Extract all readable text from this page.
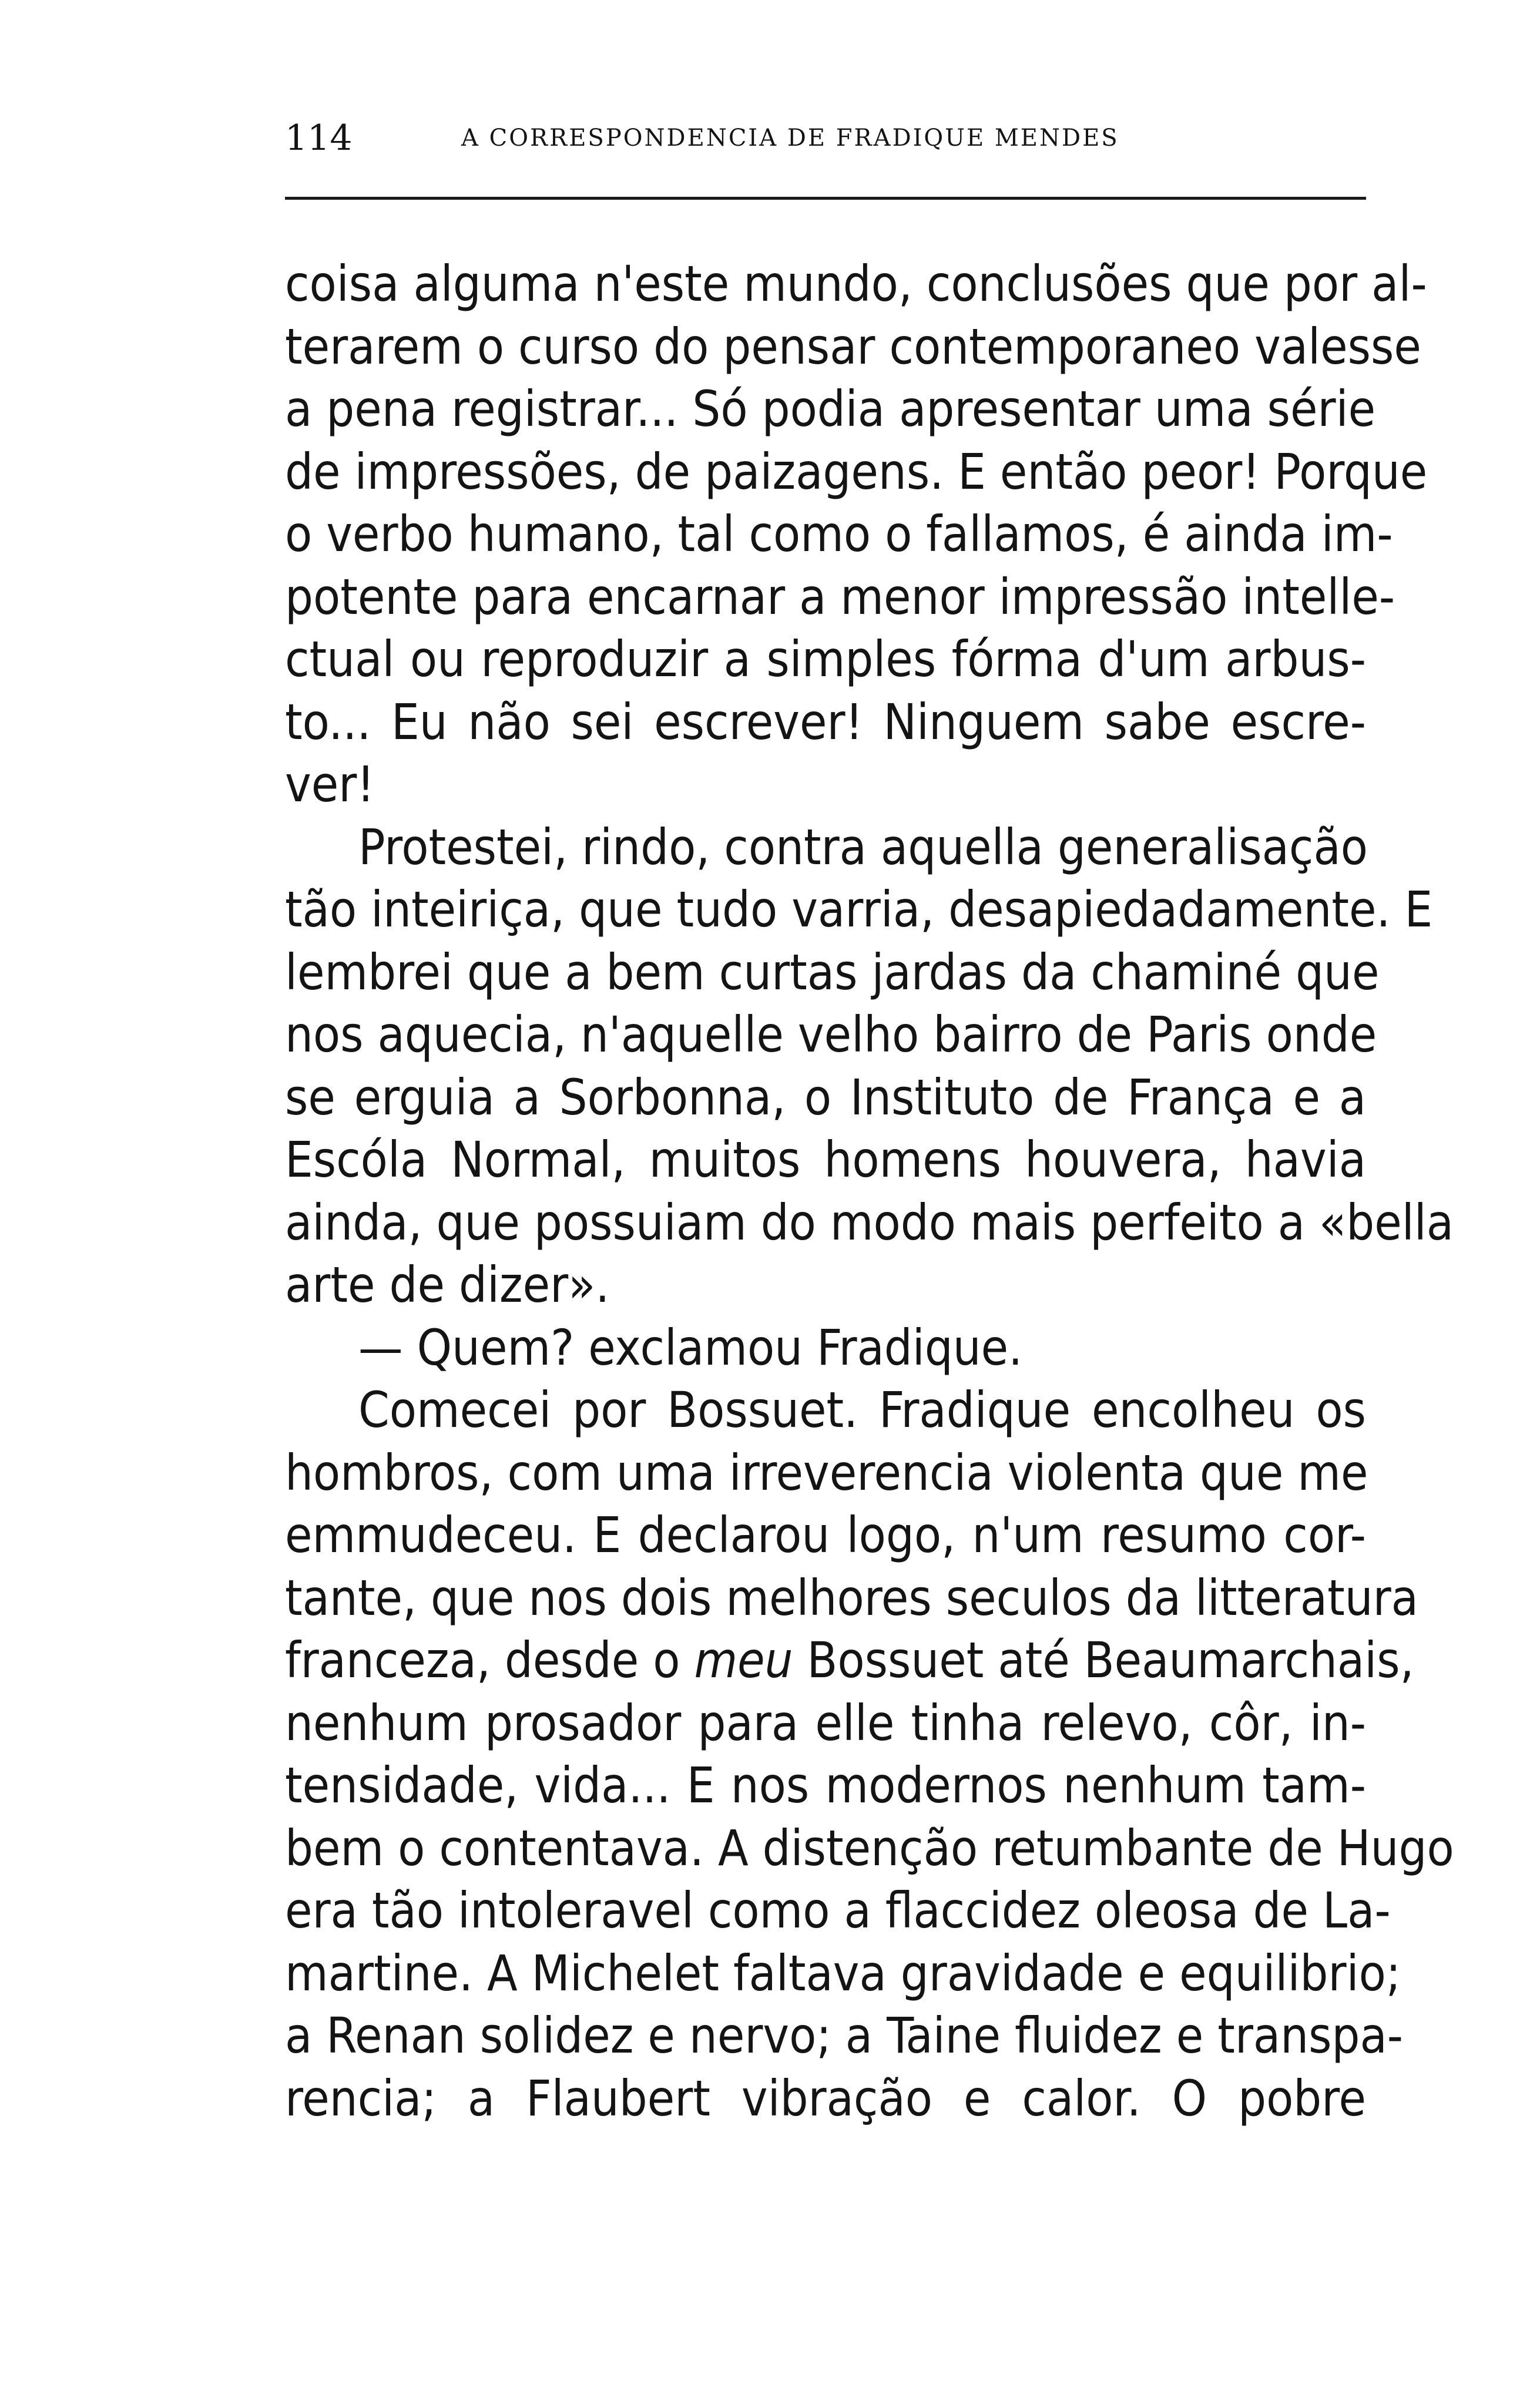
114	A CORRESPONDENCIA DE FRADIQUE MENDES
coisa alguma n'este mundo, conclusões que por al-
terarem o curso do pensar contemporaneo valesse
a pena registrar... Só podia apresentar uma série
de impressões, de paizagens. E então peor! Porque
o verbo humano, tal como o fallamos, é ainda im-
potente para encarnar a menor impressão intelle-
ctual ou reproduzir a simples fórma d'um arbus-
to... Eu não sei escrever! Ninguem sabe escre-
ver!
Protestei, rindo, contra aquella generalisação
tão inteiriça, que tudo varria, desapiedadamente. E
lembrei que a bem curtas jardas da chaminé que
nos aquecia, n'aquelle velho bairro de Paris onde
se erguia a Sorbonna, o Instituto de França e a
Escóla Normal, muitos homens houvera, havia
ainda, que possuiam do modo mais perfeito a «bella
arte de dizer».
— Quem? exclamou Fradique.
Comecei por Bossuet. Fradique encolheu os
hombros, com uma irreverencia violenta que me
emmudeceu. E declarou logo, n'um resumo cor-
tante, que nos dois melhores seculos da litteratura
franceza, desde o meu Bossuet até Beaumarchais,
nenhum prosador para elle tinha relevo, côr, in-
tensidade, vida... E nos modernos nenhum tam-
bem o contentava. A distenção retumbante de Hugo
era tão intoleravel como a flaccidez oleosa de La-
martine. A Michelet faltava gravidade e equilibrio;
a Renan solidez e nervo; a Taine fluidez e transpa-
rencia; a Flaubert vibração e calor. O pobre
